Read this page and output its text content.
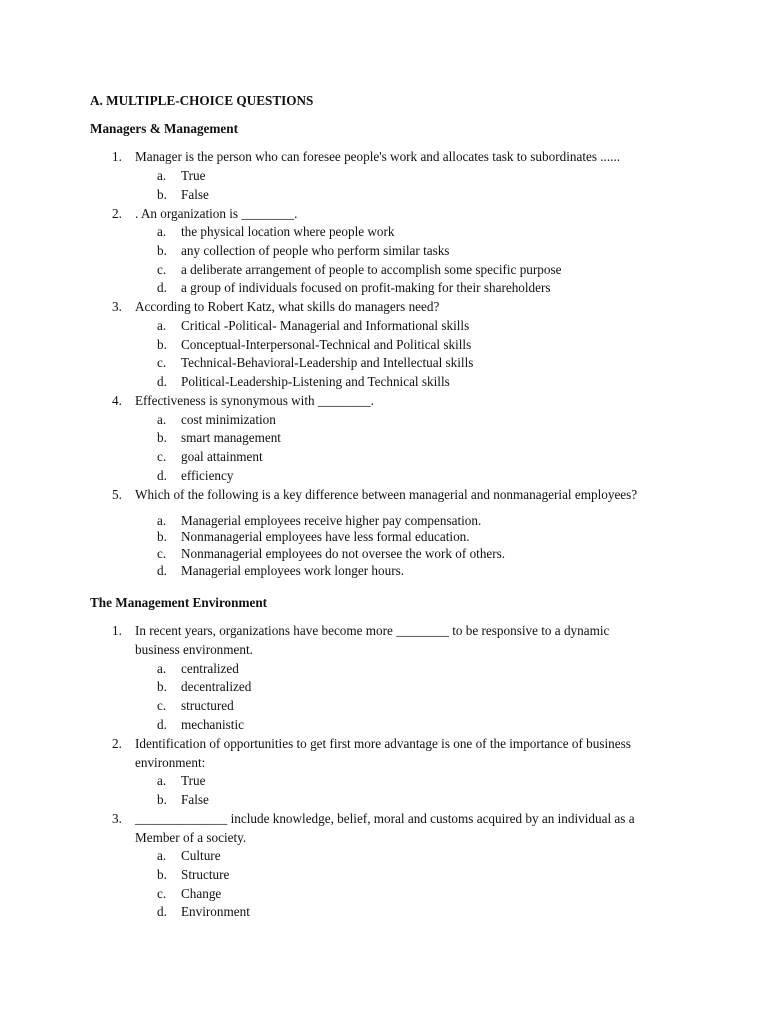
A. MULTIPLE-CHOICE QUESTIONS
Managers & Management
1. Manager is the person who can foresee people's work and allocates task to subordinates ......
a. True
b. False
2. . An organization is ________.
a. the physical location where people work
b. any collection of people who perform similar tasks
c. a deliberate arrangement of people to accomplish some specific purpose
d. a group of individuals focused on profit-making for their shareholders
3. According to Robert Katz, what skills do managers need?
a. Critical -Political- Managerial and Informational skills
b. Conceptual-Interpersonal-Technical and Political skills
c. Technical-Behavioral-Leadership and Intellectual skills
d. Political-Leadership-Listening and Technical skills
4. Effectiveness is synonymous with ________.
a. cost minimization
b. smart management
c. goal attainment
d. efficiency
5. Which of the following is a key difference between managerial and nonmanagerial employees?
a. Managerial employees receive higher pay compensation.
b. Nonmanagerial employees have less formal education.
c. Nonmanagerial employees do not oversee the work of others.
d. Managerial employees work longer hours.
The Management Environment
1. In recent years, organizations have become more ________ to be responsive to a dynamic
business environment.
a. centralized
b. decentralized
c. structured
d. mechanistic
2. Identification of opportunities to get first more advantage is one of the importance of business
environment:
a. True
b. False
3. ______________ include knowledge, belief, moral and customs acquired by an individual as a
Member of a society.
a. Culture
b. Structure
c. Change
d. Environment
